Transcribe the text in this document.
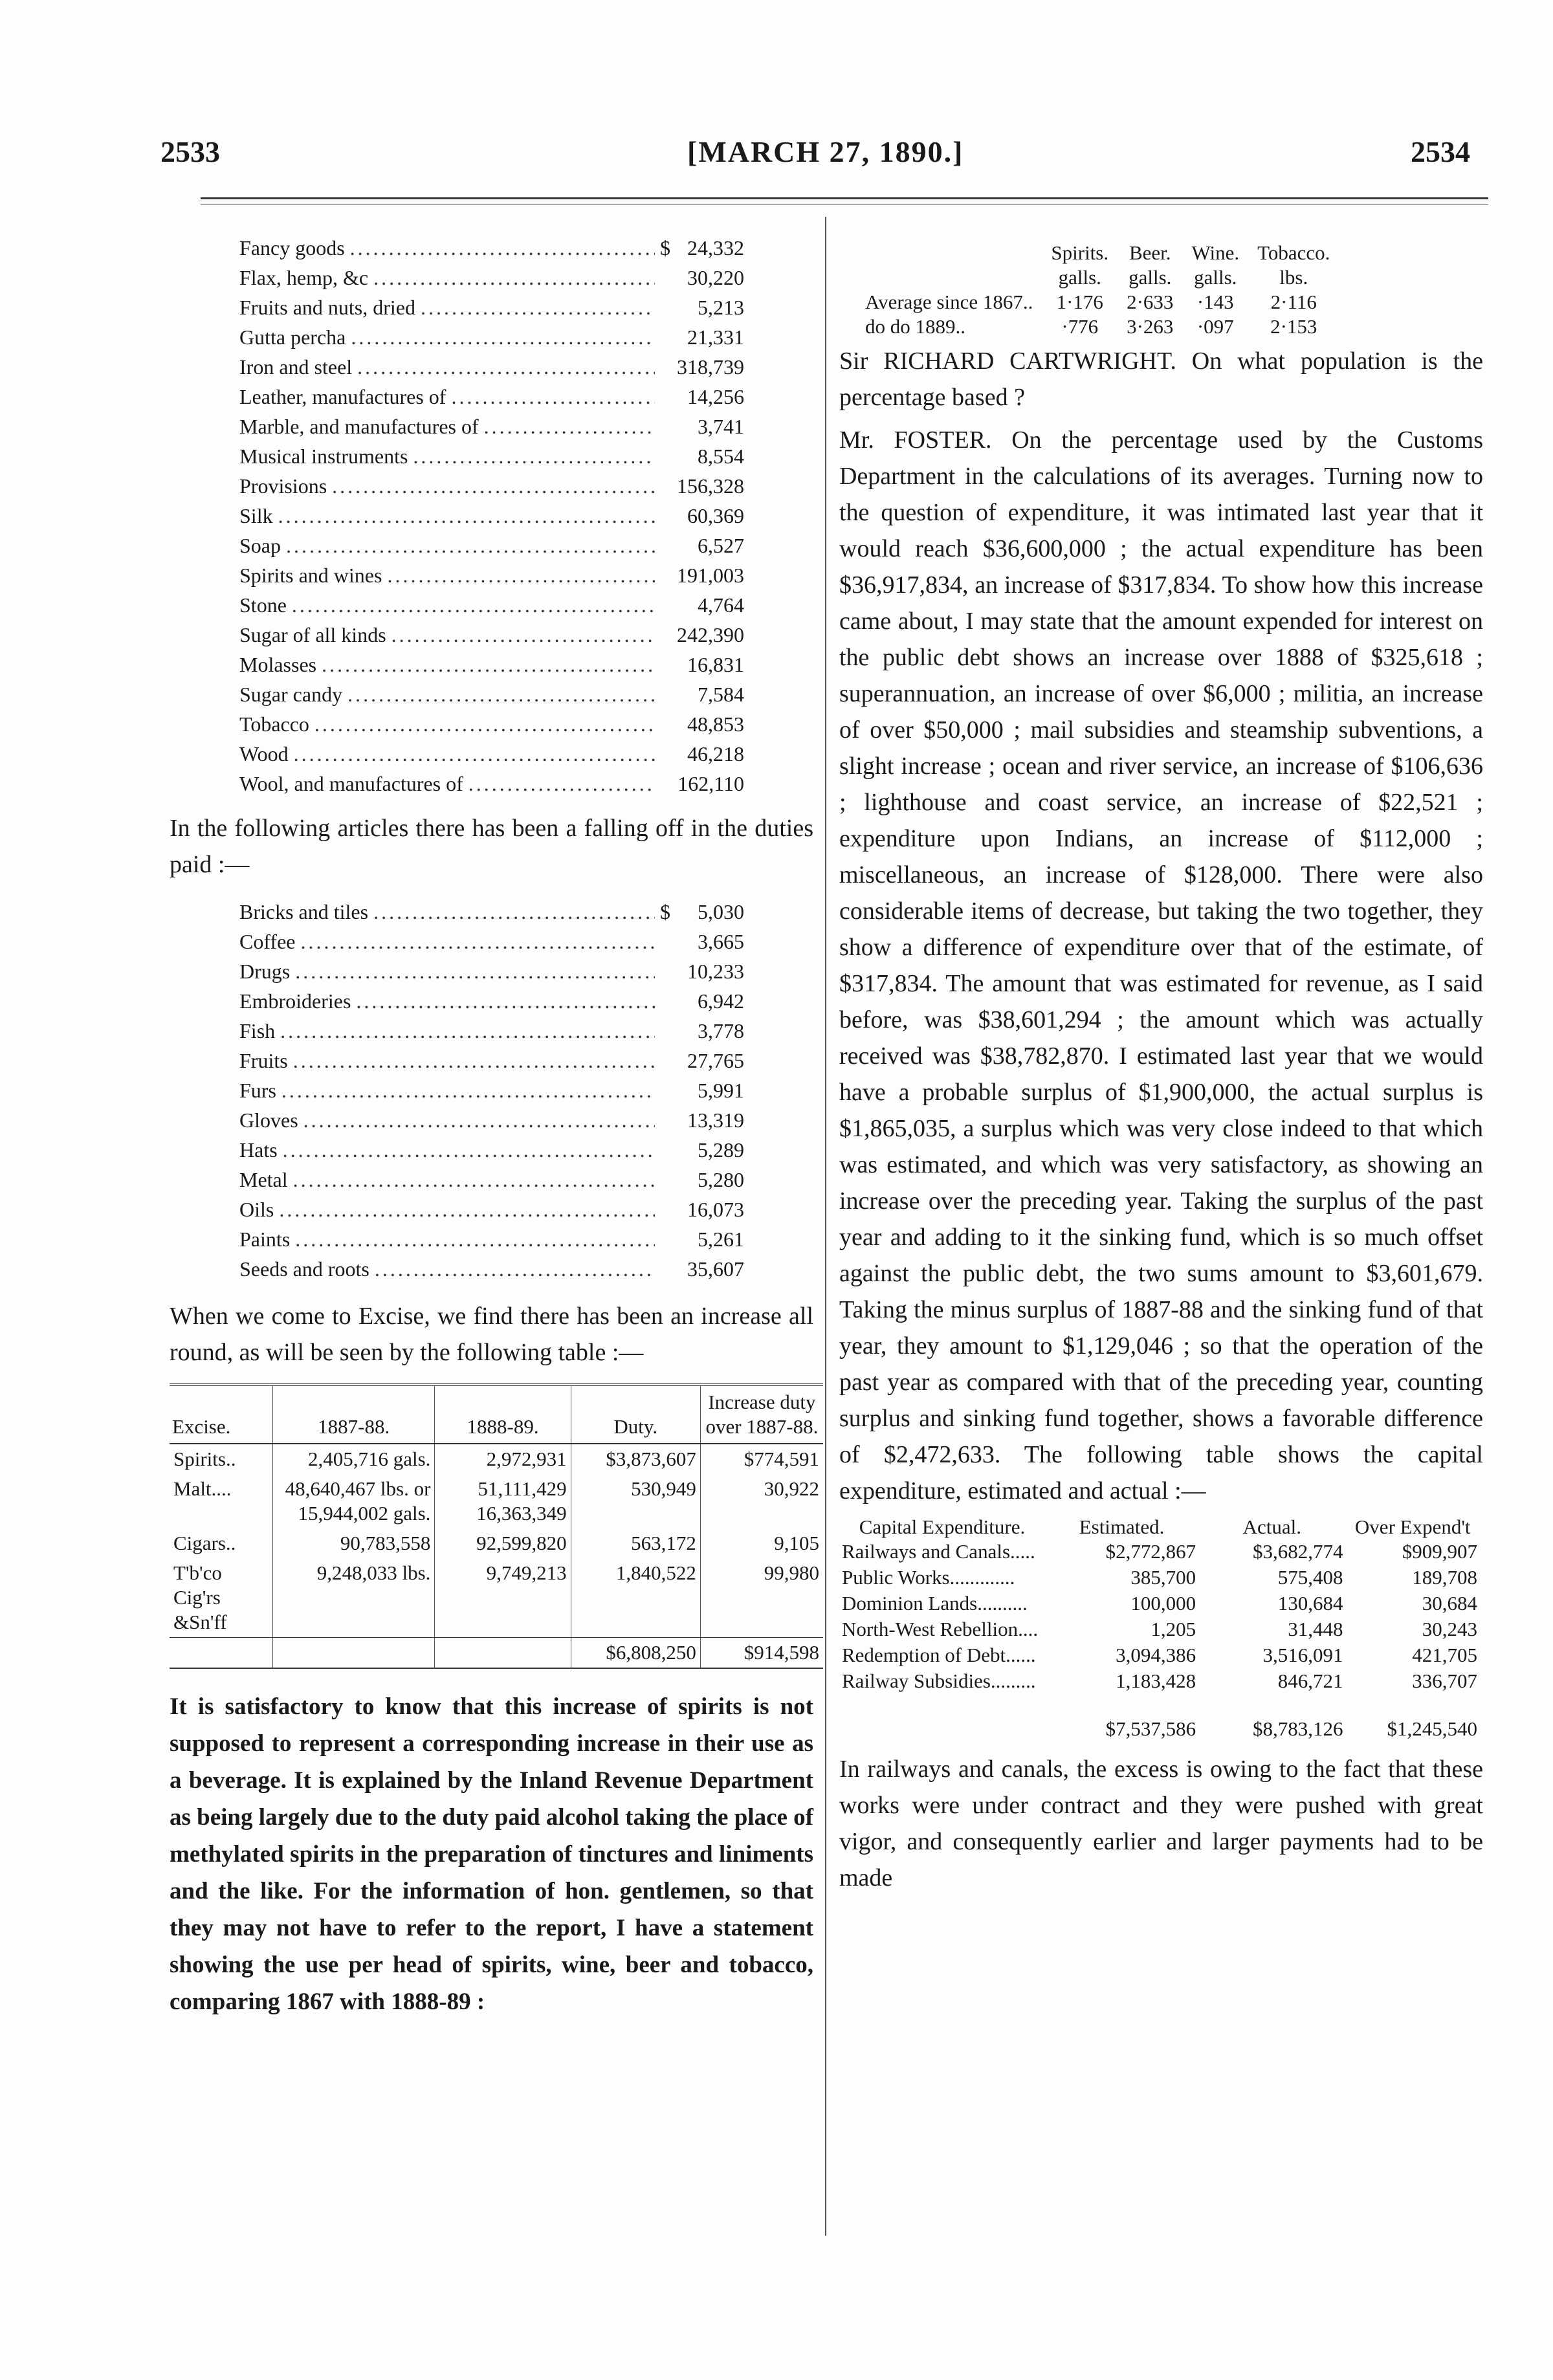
2533	[MARCH 27, 1890.]	2534
Fancy goods . . .	$ 24,332
Flax, hemp, &c . . .	30,220
Fruits and nuts, dried . . .	5,213
Gutta percha . . .	21,331
Iron and steel . . .	318,739
Leather, manufactures of . . .	14,256
Marble, and manufactures of . . .	3,741
Musical instruments . . .	8,554
Provisions . . .	156,328
Silk . . .	60,369
Soap . . .	6,527
Spirits and wines . . .	191,003
Stone . . .	4,764
Sugar of all kinds . . .	242,390
Molasses . . .	16,831
Sugar candy . . .	7,584
Tobacco . . .	48,853
Wood . . .	46,218
Wool, and manufactures of . . .	162,110

In the following articles there has been a falling off in the duties paid :—

Bricks and tiles . . .	$	5,030
Coffee . . .	3,665
Drugs . . .	10,233
Embroideries . . .	6,942
Fish . . .	3,778
Fruits . . .	27,765
Furs . . .	5,991
Gloves . . .	13,319
Hats . . .	5,289
Metal . . .	5,280
Oils . . .	16,073
Paints . . .	5,261
Seeds and roots . . .	35,607

When we come to Excise, we find there has been an increase all round, as will be seen by the following table :—

Excise.	1887-88.	1888-89.	Duty.	Increase duty over 1887-88.
Spirits..	2,405,716 gals.	2,972,931	$3,873,607	$774,591
Malt....	48,640,467 lbs. or 15,944,002 gals.	51,111,429 16,363,349	530,949	30,922
Cigars..	90,783,558	92,599,820	563,172	9,105
T'b'co Cig'rs &Sn'ff	9,248,033 lbs.	9,749,213	1,840,522	99,980
			$6,808,250	$914,598

It is satisfactory to know that this increase of spirits is not supposed to represent a corresponding increase in their use as a beverage. It is explained by the Inland Revenue Department as being largely due to the duty paid alcohol taking the place of methylated spirits in the preparation of tinctures and liniments and the like. For the information of hon. gentlemen, so that they may not have to refer to the report, I have a statement showing the use per head of spirits, wine, beer and tobacco, comparing 1867 with 1888-89 :

	Spirits.	Beer.	Wine.	Tobacco.
	galls.	galls.	galls.	lbs.
Average since 1867..	1·176	2·633	·143	2·116
do do 1889..	·776	3·263	·097	2·153

Sir RICHARD CARTWRIGHT. On what population is the percentage based ?

Mr. FOSTER. On the percentage used by the Customs Department in the calculations of its averages. Turning now to the question of expenditure, it was intimated last year that it would reach $36,600,000 ; the actual expenditure has been $36,917,834, an increase of $317,834. To show how this increase came about, I may state that the amount expended for interest on the public debt shows an increase over 1888 of $325,618 ; superannuation, an increase of over $6,000 ; militia, an increase of over $50,000 ; mail subsidies and steamship subventions, a slight increase ; ocean and river service, an increase of $106,636 ; lighthouse and coast service, an increase of $22,521 ; expenditure upon Indians, an increase of $112,000 ; miscellaneous, an increase of $128,000. There were also considerable items of decrease, but taking the two together, they show a difference of expenditure over that of the estimate, of $317,834. The amount that was estimated for revenue, as I said before, was $38,601,294 ; the amount which was actually received was $38,782,870. I estimated last year that we would have a probable surplus of $1,900,000, the actual surplus is $1,865,035, a surplus which was very close indeed to that which was estimated, and which was very satisfactory, as showing an increase over the preceding year. Taking the surplus of the past year and adding to it the sinking fund, which is so much offset against the public debt, the two sums amount to $3,601,679. Taking the minus surplus of 1887-88 and the sinking fund of that year, they amount to $1,129,046 ; so that the operation of the past year as compared with that of the preceding year, counting surplus and sinking fund together, shows a favorable difference of $2,472,633. The following table shows the capital expenditure, estimated and actual :—

Capital Expenditure.	Estimated.	Actual.	Over Expend't
Railways and Canals.....	$2,772,867	$3,682,774	$909,907
Public Works.............	385,700	575,408	189,708
Dominion Lands..........	100,000	130,684	30,684
North-West Rebellion....	1,205	31,448	30,243
Redemption of Debt......	3,094,386	3,516,091	421,705
Railway Subsidies.........	1,183,428	846,721	336,707
	$7,537,586	$8,783,126	$1,245,540

In railways and canals, the excess is owing to the fact that these works were under contract and they were pushed with great vigor, and consequently earlier and larger payments had to be made
